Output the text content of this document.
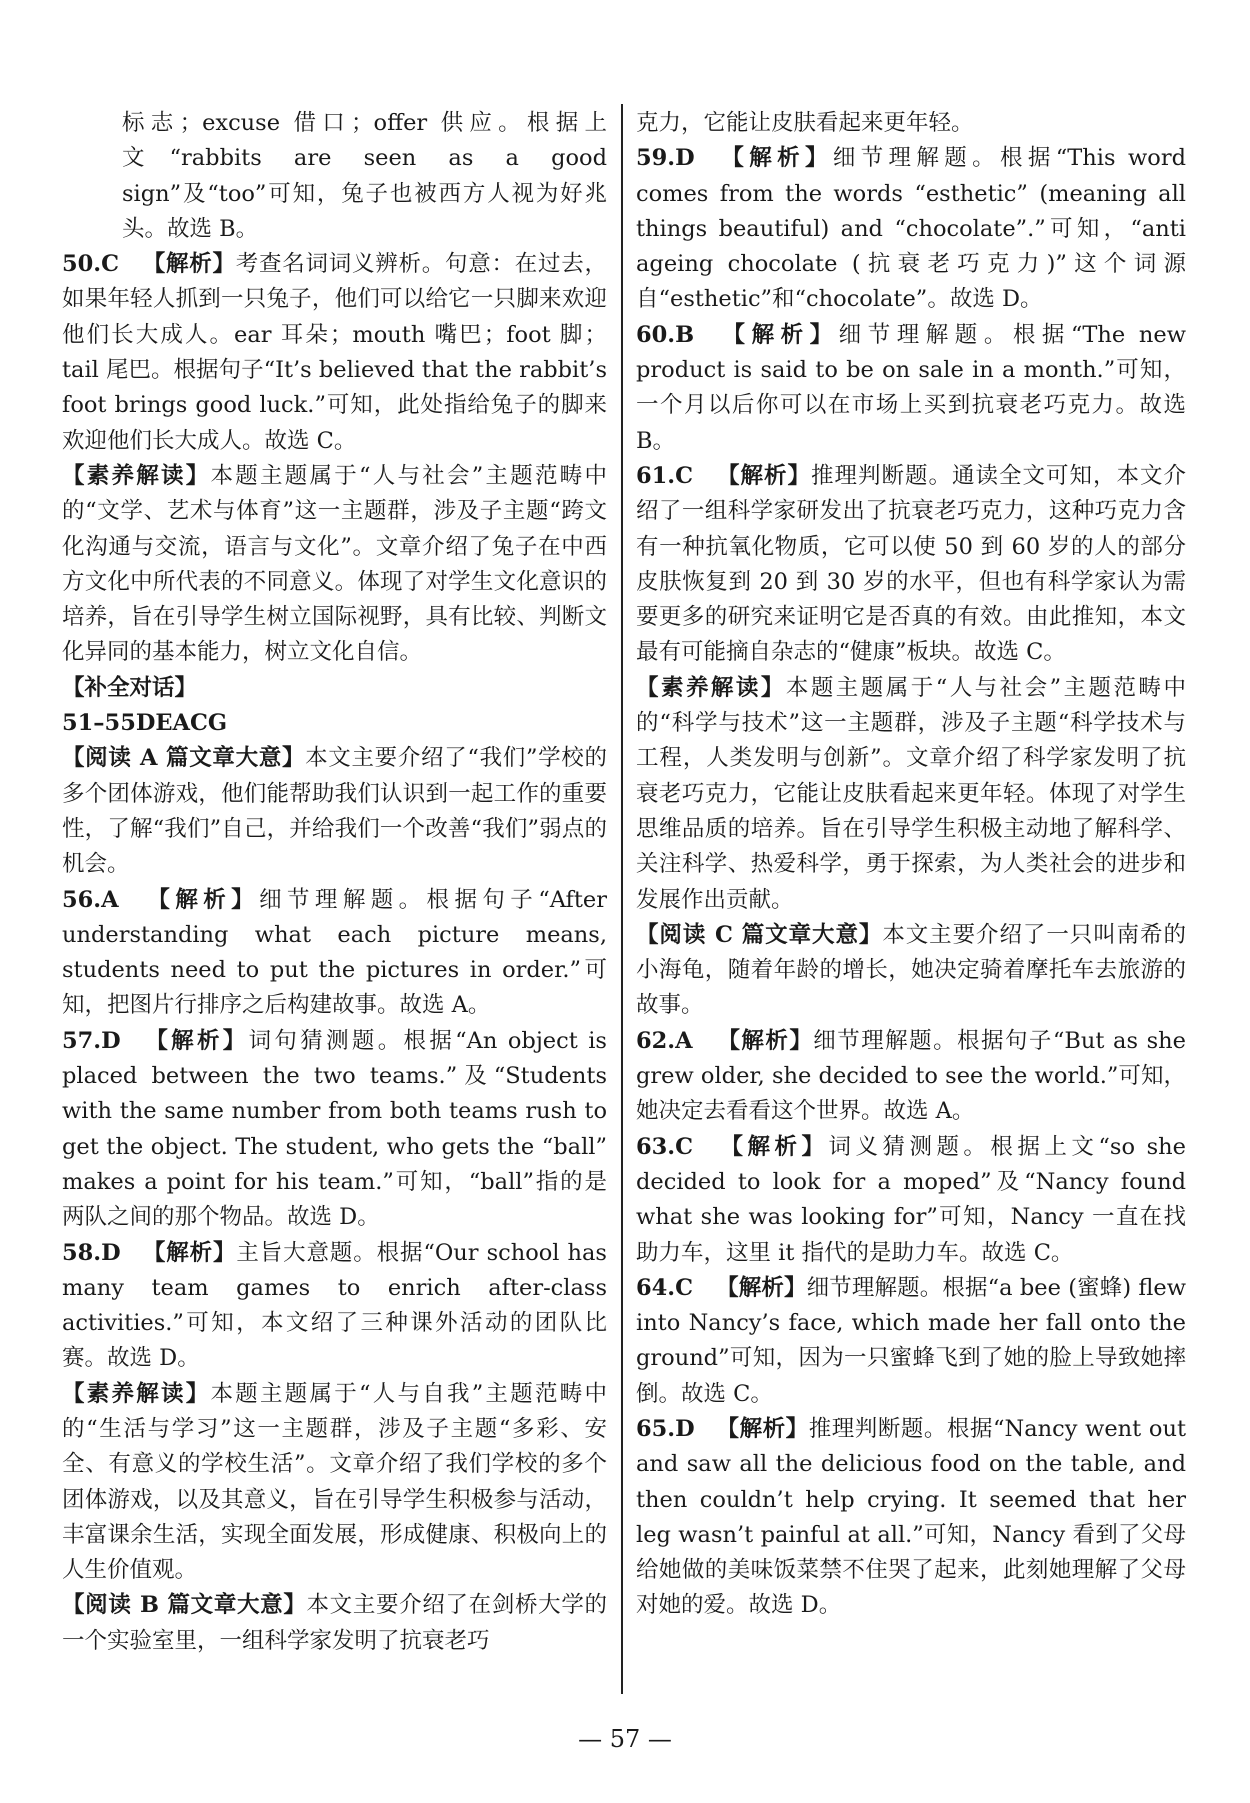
标志；excuse 借口；offer 供应。根据上文“rabbits are seen as a good sign”及“too”可知，兔子也被西方人视为好兆头。故选 B。

50.C 【解析】考查名词词义辨析。句意：在过去，如果年轻人抓到一只兔子，他们可以给它一只脚来欢迎他们长大成人。ear 耳朵；mouth 嘴巴；foot 脚；tail 尾巴。根据句子“It’s believed that the rabbit’s foot brings good luck.”可知，此处指给兔子的脚来欢迎他们长大成人。故选 C。

【素养解读】本题主题属于“人与社会”主题范畴中的“文学、艺术与体育”这一主题群，涉及子主题“跨文化沟通与交流，语言与文化”。文章介绍了兔子在中西方文化中所代表的不同意义。体现了对学生文化意识的培养，旨在引导学生树立国际视野，具有比较、判断文化异同的基本能力，树立文化自信。

【补全对话】

51–55DEACG

【阅读 A 篇文章大意】本文主要介绍了“我们”学校的多个团体游戏，他们能帮助我们认识到一起工作的重要性，了解“我们”自己，并给我们一个改善“我们”弱点的机会。

56.A 【解析】细节理解题。根据句子“After understanding what each picture means, students need to put the pictures in order.”可知，把图片行排序之后构建故事。故选 A。

57.D 【解析】词句猜测题。根据“An object is placed between the two teams.”及“Students with the same number from both teams rush to get the object. The student, who gets the “ball” makes a point for his team.”可知，“ball”指的是两队之间的那个物品。故选 D。

58.D 【解析】主旨大意题。根据“Our school has many team games to enrich after-class activities.”可知，本文绍了三种课外活动的团队比赛。故选 D。

【素养解读】本题主题属于“人与自我”主题范畴中的“生活与学习”这一主题群，涉及子主题“多彩、安全、有意义的学校生活”。文章介绍了我们学校的多个团体游戏，以及其意义，旨在引导学生积极参与活动，丰富课余生活，实现全面发展，形成健康、积极向上的人生价值观。

【阅读 B 篇文章大意】本文主要介绍了在剑桥大学的一个实验室里，一组科学家发明了抗衰老巧

克力，它能让皮肤看起来更年轻。

59.D 【解析】细节理解题。根据“This word comes from the words “esthetic” (meaning all things beautiful) and “chocolate”.”可知，“anti ageing chocolate (抗衰老巧克力)”这个词源自“esthetic”和“chocolate”。故选 D。

60.B 【解析】细节理解题。根据“The new product is said to be on sale in a month.”可知，一个月以后你可以在市场上买到抗衰老巧克力。故选 B。

61.C 【解析】推理判断题。通读全文可知，本文介绍了一组科学家研发出了抗衰老巧克力，这种巧克力含有一种抗氧化物质，它可以使 50 到 60 岁的人的部分皮肤恢复到 20 到 30 岁的水平，但也有科学家认为需要更多的研究来证明它是否真的有效。由此推知，本文最有可能摘自杂志的“健康”板块。故选 C。

【素养解读】本题主题属于“人与社会”主题范畴中的“科学与技术”这一主题群，涉及子主题“科学技术与工程，人类发明与创新”。文章介绍了科学家发明了抗衰老巧克力，它能让皮肤看起来更年轻。体现了对学生思维品质的培养。旨在引导学生积极主动地了解科学、关注科学、热爱科学，勇于探索，为人类社会的进步和发展作出贡献。

【阅读 C 篇文章大意】本文主要介绍了一只叫南希的小海龟，随着年龄的增长，她决定骑着摩托车去旅游的故事。

62.A 【解析】细节理解题。根据句子“But as she grew older, she decided to see the world.”可知，她决定去看看这个世界。故选 A。

63.C 【解析】词义猜测题。根据上文“so she decided to look for a moped”及“Nancy found what she was looking for”可知，Nancy 一直在找助力车，这里 it 指代的是助力车。故选 C。

64.C 【解析】细节理解题。根据“a bee (蜜蜂) flew into Nancy’s face, which made her fall onto the ground”可知，因为一只蜜蜂飞到了她的脸上导致她摔倒。故选 C。

65.D 【解析】推理判断题。根据“Nancy went out and saw all the delicious food on the table, and then couldn’t help crying. It seemed that her leg wasn’t painful at all.”可知，Nancy 看到了父母给她做的美味饭菜禁不住哭了起来，此刻她理解了父母对她的爱。故选 D。

— 57 —
